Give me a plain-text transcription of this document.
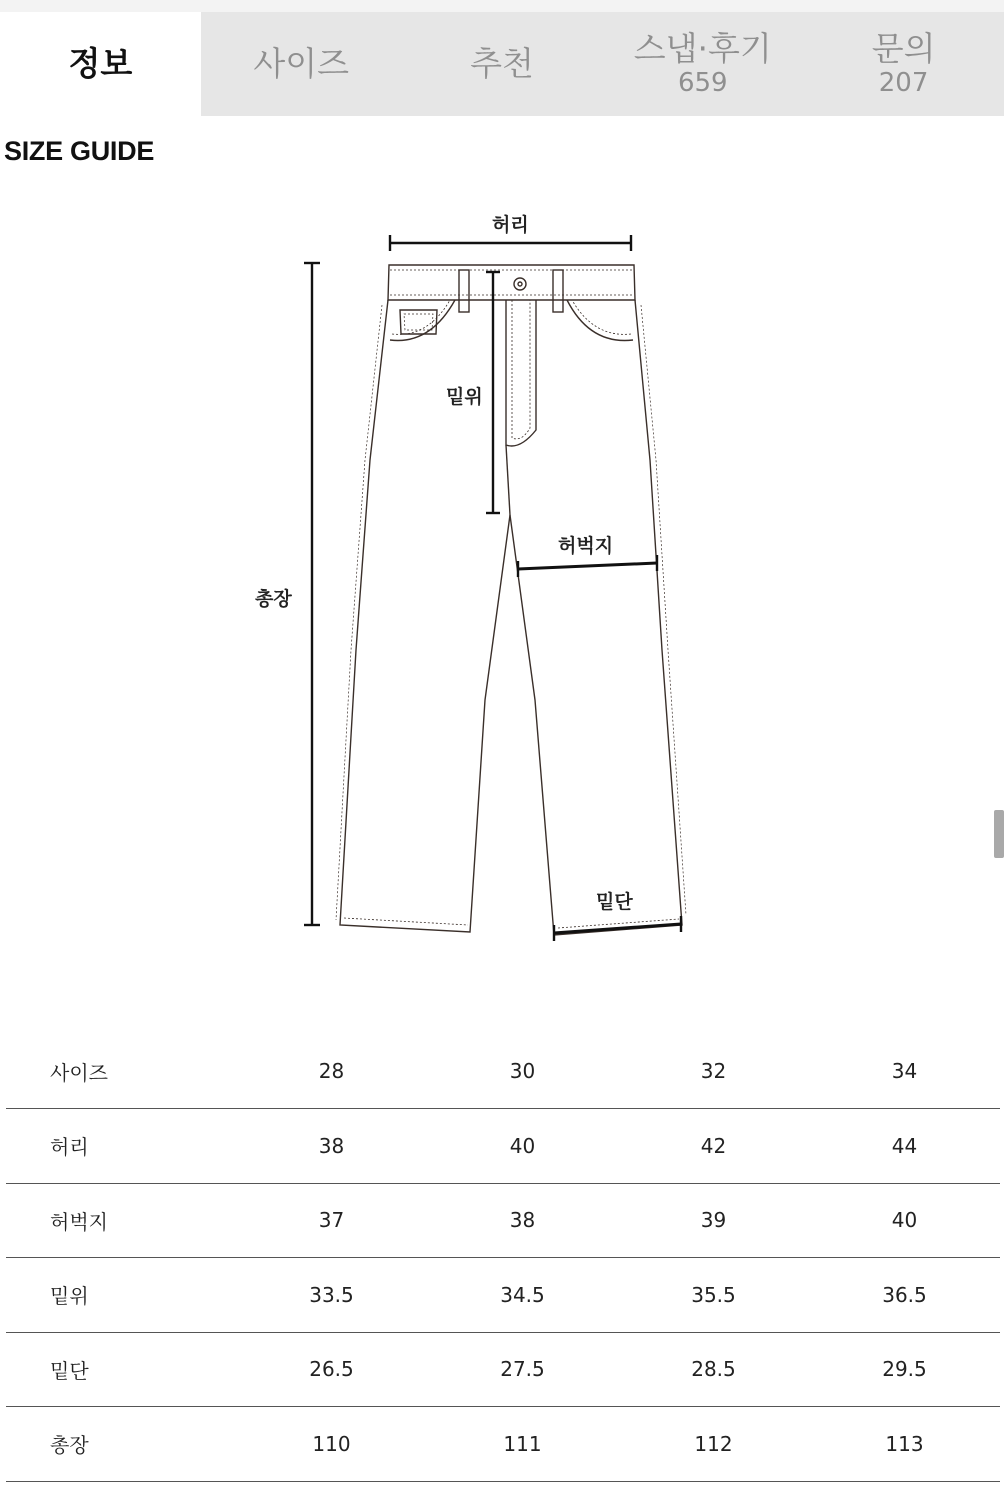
정보	사이즈	추천	스냅·후기
659
문의
207
SIZE GUIDE
허리
밑위
허벅지
총장
밑단
사이즈	28	30	32	34
허리	38	40	42	44
허벅지	37	38	39	40
밑위	33.5	34.5	35.5	36.5
밑단	26.5	27.5	28.5	29.5
총장	110	111	112	113
